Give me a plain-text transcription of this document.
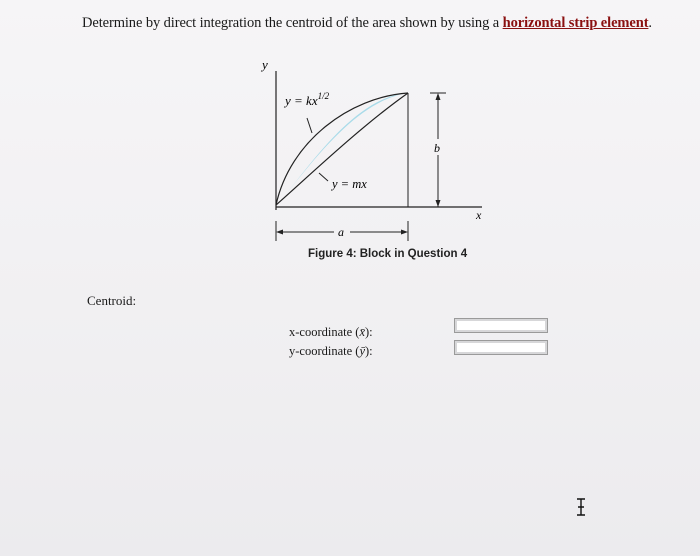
Determine by direct integration the centroid of the area shown by using a horizontal strip element.
y
x
$y = kx^{1/2}$
y = mx
a
b
Figure 4: Block in Question 4
Centroid:
x-coordinate (x̄):
y-coordinate (ȳ):
